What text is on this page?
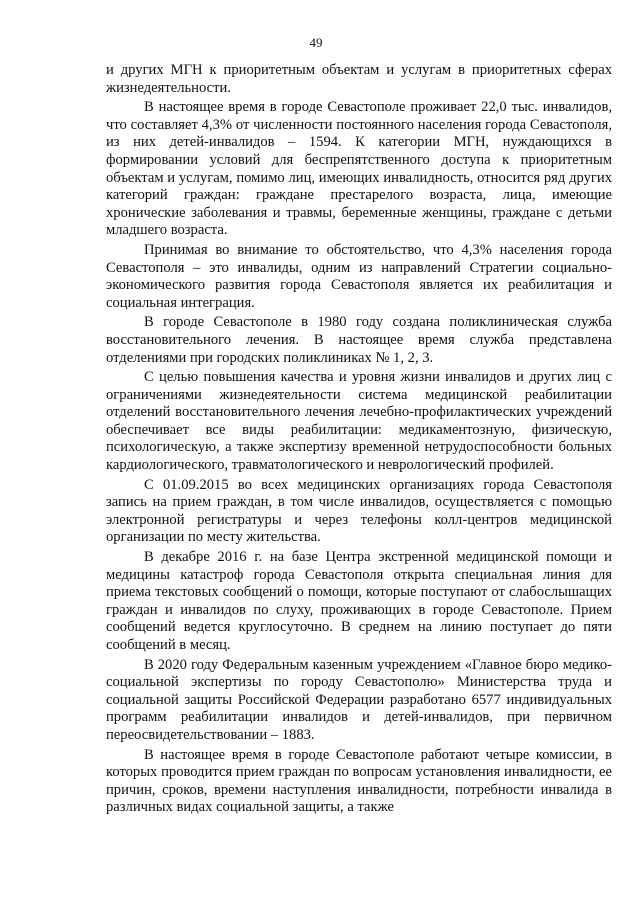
49

и других МГН к приоритетным объектам и услугам в приоритетных сферах жизнедеятельности.

В настоящее время в городе Севастополе проживает 22,0 тыс. инвалидов, что составляет 4,3% от численности постоянного населения города Севастополя, из них детей-инвалидов – 1594. К категории МГН, нуждающихся в формировании условий для беспрепятственного доступа к приоритетным объектам и услугам, помимо лиц, имеющих инвалидность, относится ряд других категорий граждан: граждане престарелого возраста, лица, имеющие хронические заболевания и травмы, беременные женщины, граждане с детьми младшего возраста.

Принимая во внимание то обстоятельство, что 4,3% населения города Севастополя – это инвалиды, одним из направлений Стратегии социально-экономического развития города Севастополя является их реабилитация и социальная интеграция.

В городе Севастополе в 1980 году создана поликлиническая служба восстановительного лечения. В настоящее время служба представлена отделениями при городских поликлиниках № 1, 2, 3.

С целью повышения качества и уровня жизни инвалидов и других лиц с ограничениями жизнедеятельности система медицинской реабилитации отделений восстановительного лечения лечебно-профилактических учреждений обеспечивает все виды реабилитации: медикаментозную, физическую, психологическую, а также экспертизу временной нетрудоспособности больных кардиологического, травматологического и неврологический профилей.

С 01.09.2015 во всех медицинских организациях города Севастополя запись на прием граждан, в том числе инвалидов, осуществляется с помощью электронной регистратуры и через телефоны колл-центров медицинской организации по месту жительства.

В декабре 2016 г. на базе Центра экстренной медицинской помощи и медицины катастроф города Севастополя открыта специальная линия для приема текстовых сообщений о помощи, которые поступают от слабослышащих граждан и инвалидов по слуху, проживающих в городе Севастополе. Прием сообщений ведется круглосуточно. В среднем на линию поступает до пяти сообщений в месяц.

В 2020 году Федеральным казенным учреждением «Главное бюро медико-социальной экспертизы по городу Севастополю» Министерства труда и социальной защиты Российской Федерации разработано 6577 индивидуальных программ реабилитации инвалидов и детей-инвалидов, при первичном переосвидетельствовании – 1883.

В настоящее время в городе Севастополе работают четыре комиссии, в которых проводится прием граждан по вопросам установления инвалидности, ее причин, сроков, времени наступления инвалидности, потребности инвалида в различных видах социальной защиты, а также
